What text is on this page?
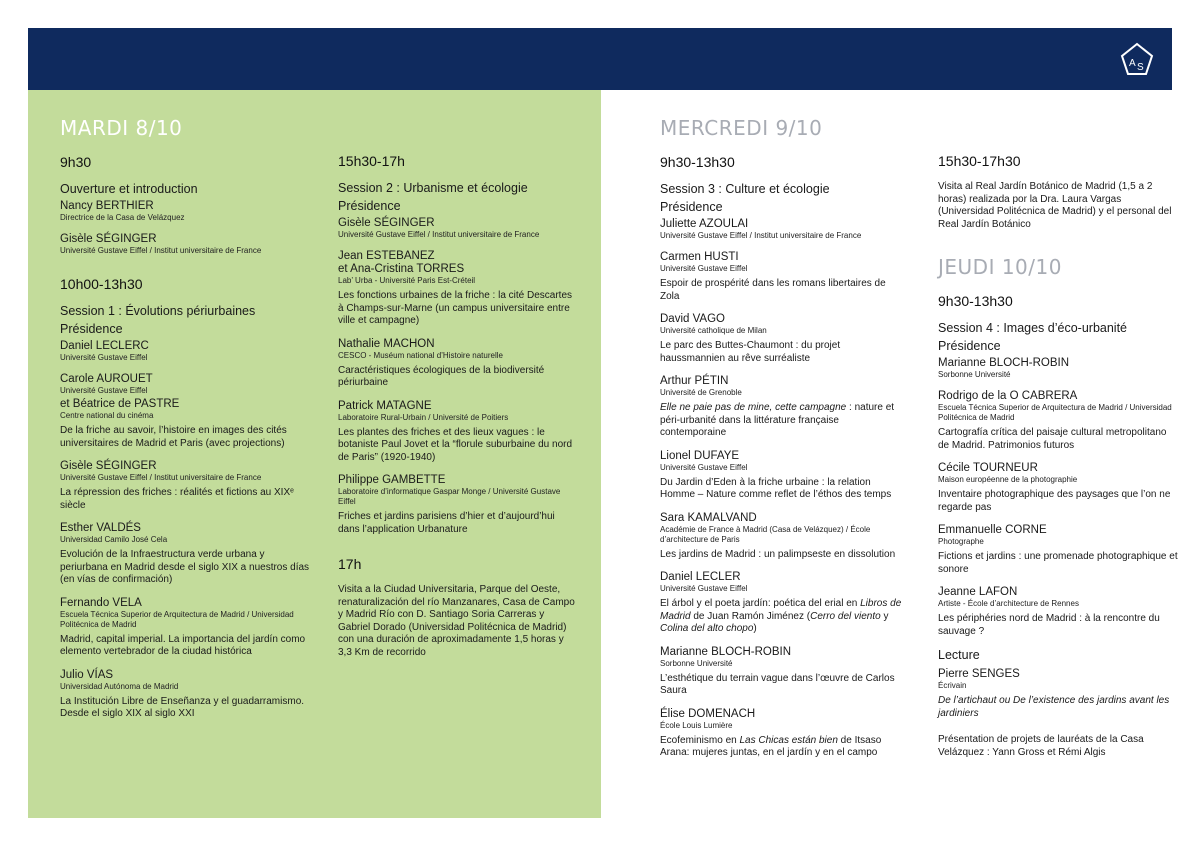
A S
MARDI 8/10
9h30
Ouverture et introduction
Nancy BERTHIER
Directrice de la Casa de Velázquez
Gisèle SÉGINGER
Université Gustave Eiffel / Institut universitaire de France
10h00-13h30
Session 1 : Évolutions périurbaines
Présidence
Daniel LECLERC
Université Gustave Eiffel
Carole AUROUET
Université Gustave Eiffel
et Béatrice de PASTRE
Centre national du cinéma
De la friche au savoir, l’histoire en images des cités universitaires de Madrid et Paris (avec projections)
Gisèle SÉGINGER
Université Gustave Eiffel / Institut universitaire de France
La répression des friches : réalités et fictions au XIXᵉ siècle
Esther VALDÉS
Universidad Camilo José Cela
Evolución de la Infraestructura verde urbana y periurbana en Madrid desde el siglo XIX a nuestros días (en vías de confirmación)
Fernando VELA
Escuela Técnica Superior de Arquitectura de Madrid / Universidad Politécnica de Madrid
Madrid, capital imperial. La importancia del jardín como elemento vertebrador de la ciudad histórica
Julio VÍAS
Universidad Autónoma de Madrid
La Institución Libre de Enseñanza y el guadarramismo. Desde el siglo XIX al siglo XXI
15h30-17h
Session 2 : Urbanisme et écologie
Présidence
Gisèle SÉGINGER
Université Gustave Eiffel / Institut universitaire de France
Jean ESTEBANEZ
et Ana-Cristina TORRES
Lab’ Urba - Université Paris Est-Créteil
Les fonctions urbaines de la friche : la cité Descartes à Champs-sur-Marne (un campus universitaire entre ville et campagne)
Nathalie MACHON
CESCO - Muséum national d’Histoire naturelle
Caractéristiques écologiques de la biodiversité périurbaine
Patrick MATAGNE
Laboratoire Rural-Urbain / Université de Poitiers
Les plantes des friches et des lieux vagues : le botaniste Paul Jovet et la “florule suburbaine du nord de Paris” (1920-1940)
Philippe GAMBETTE
Laboratoire d’informatique Gaspar Monge / Université Gustave Eiffel
Friches et jardins parisiens d’hier et d’aujourd’hui dans l’application Urbanature
17h
Visita a la Ciudad Universitaria, Parque del Oeste, renaturalización del río Manzanares, Casa de Campo y Madrid Río con D. Santiago Soria Carreras y Gabriel Dorado (Universidad Politécnica de Madrid) con una duración de aproximadamente 1,5 horas y 3,3 Km de recorrido
MERCREDI 9/10
9h30-13h30
Session 3 : Culture et écologie
Présidence
Juliette AZOULAI
Université Gustave Eiffel / Institut universitaire de France
Carmen HUSTI
Université Gustave Eiffel
Espoir de prospérité dans les romans libertaires de Zola
David VAGO
Université catholique de Milan
Le parc des Buttes-Chaumont : du projet haussmannien au rêve surréaliste
Arthur PÉTIN
Université de Grenoble
Elle ne paie pas de mine, cette campagne : nature et péri-urbanité dans la littérature française contemporaine
Lionel DUFAYE
Université Gustave Eiffel
Du Jardin d’Eden à la friche urbaine : la relation Homme – Nature comme reflet de l’éthos des temps
Sara KAMALVAND
Académie de France à Madrid (Casa de Velázquez) / École d’architecture de Paris
Les jardins de Madrid : un palimpseste en dissolution
Daniel LECLER
Université Gustave Eiffel
El árbol y el poeta jardín: poética del erial en Libros de Madrid de Juan Ramón Jiménez (Cerro del viento y Colina del alto chopo)
Marianne BLOCH-ROBIN
Sorbonne Université
L’esthétique du terrain vague dans l’œuvre de Carlos Saura
Élise DOMENACH
École Louis Lumière
Ecofeminismo en Las Chicas están bien de Itsaso Arana: mujeres juntas, en el jardín y en el campo
15h30-17h30
Visita al Real Jardín Botánico de Madrid (1,5 a 2 horas) realizada por la Dra. Laura Vargas (Universidad Politécnica de Madrid) y el personal del Real Jardín Botánico
JEUDI 10/10
9h30-13h30
Session 4 : Images d’éco-urbanité
Présidence
Marianne BLOCH-ROBIN
Sorbonne Université
Rodrigo de la O CABRERA
Escuela Técnica Superior de Arquitectura de Madrid / Universidad Politécnica de Madrid
Cartografía crítica del paisaje cultural metropolitano de Madrid. Patrimonios futuros
Cécile TOURNEUR
Maison européenne de la photographie
Inventaire photographique des paysages que l’on ne regarde pas
Emmanuelle CORNE
Photographe
Fictions et jardins : une promenade photographique et sonore
Jeanne LAFON
Artiste - École d’architecture de Rennes
Les périphéries nord de Madrid : à la rencontre du sauvage ?
Lecture
Pierre SENGES
Écrivain
De l’artichaut ou De l’existence des jardins avant les jardiniers
Présentation de projets de lauréats de la Casa Velázquez : Yann Gross et Rémi Algis
